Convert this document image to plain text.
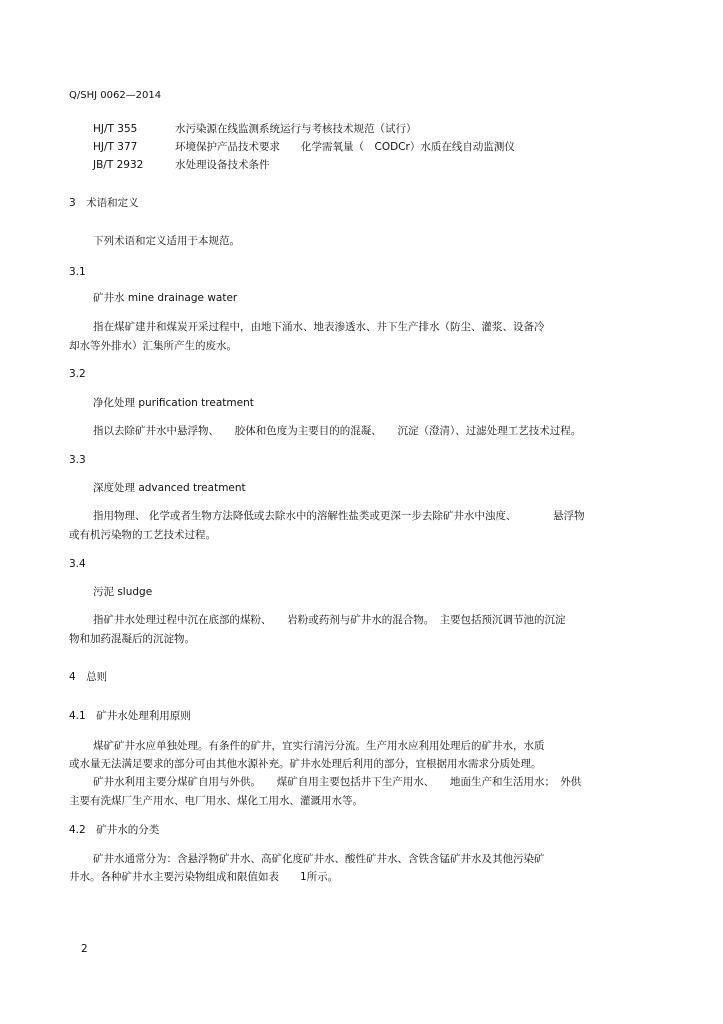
Q/SHJ 0062—2014
HJ/T 355	水污染源在线监测系统运行与考核技术规范（试行）
HJ/T 377	环境保护产品技术要求　　化学需氧量（　CODCr）水质在线自动监测仪
JB/T 2932	水处理设备技术条件
3　术语和定义
下列术语和定义适用于本规范。
3.1
矿井水 mine drainage water
指在煤矿建井和煤炭开采过程中，由地下涌水、地表渗透水、井下生产排水（防尘、灌浆、设备冷
却水等外排水）汇集所产生的废水。
3.2
净化处理 purification treatment
指以去除矿井水中悬浮物、　　胶体和色度为主要目的的混凝、　　沉淀（澄清）、过滤处理工艺技术过程。
3.3
深度处理 advanced treatment
指用物理、 化学或者生物方法降低或去除水中的溶解性盐类或更深一步去除矿井水中浊度、　　　　悬浮物
或有机污染物的工艺技术过程。
3.4
污泥 sludge
指矿井水处理过程中沉在底部的煤粉、　　岩粉或药剂与矿井水的混合物。　主要包括预沉调节池的沉淀
物和加药混凝后的沉淀物。
4　总则
4.1　矿井水处理利用原则
煤矿矿井水应单独处理。有条件的矿井，宜实行清污分流。生产用水应利用处理后的矿井水，水质
或水量无法满足要求的部分可由其他水源补充。矿井水处理后利用的部分，宜根据用水需求分质处理。
矿井水利用主要分煤矿自用与外供。　　煤矿自用主要包括井下生产用水、　　地面生产和生活用水；　外供
主要有洗煤厂生产用水、电厂用水、煤化工用水、灌溉用水等。
4.2　矿井水的分类
矿井水通常分为：含悬浮物矿井水、高矿化度矿井水、酸性矿井水、含铁含锰矿井水及其他污染矿
井水。各种矿井水主要污染物组成和限值如表　　1所示。
2
